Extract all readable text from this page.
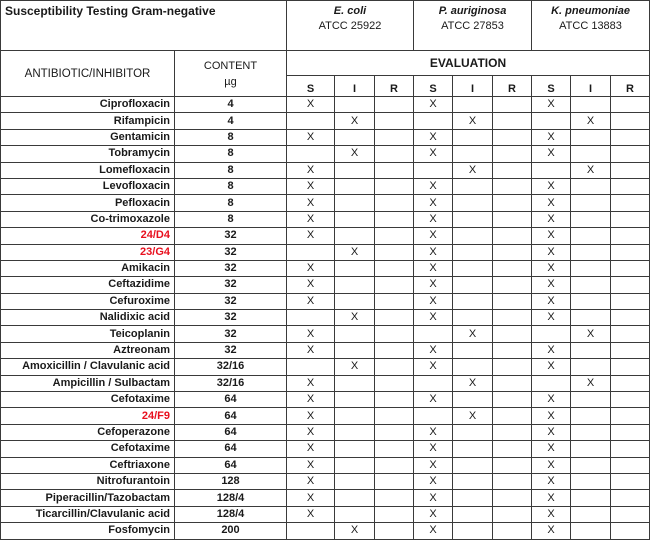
Susceptibility Testing Gram-negative		E. coli
ATCC 25922			P. auriginosa
ATCC 27853			K. pneumoniae
ATCC 13883		

ANTIBIOTIC/INHIBITOR	CONTENT
µg	EVALUATION								
		S	I	R	S	I	R	S	I	R
Ciprofloxacin	4	X			X			X		
Rifampicin	4		X			X			X	
Gentamicin	8	X			X			X		
Tobramycin	8		X		X			X		
Lomefloxacin	8	X				X			X	
Levofloxacin	8	X			X			X		
Pefloxacin	8	X			X			X		
Co-trimoxazole	8	X			X			X		
24/D4	32	X			X			X		
23/G4	32		X		X			X		
Amikacin	32	X			X			X		
Ceftazidime	32	X			X			X		
Cefuroxime	32	X			X			X		
Nalidixic acid	32		X		X			X		
Teicoplanin	32	X				X			X	
Aztreonam	32	X			X			X		
Amoxicillin / Clavulanic acid	32/16		X		X			X		
Ampicillin / Sulbactam	32/16	X				X			X	
Cefotaxime	64	X			X			X		
24/F9	64	X				X		X		
Cefoperazone	64	X			X			X		
Cefotaxime	64	X			X			X		
Ceftriaxone	64	X			X			X		
Nitrofurantoin	128	X			X			X		
Piperacillin/Tazobactam	128/4	X			X			X		
Ticarcillin/Clavulanic acid	128/4	X			X			X		
Fosfomycin	200		X		X			X		
